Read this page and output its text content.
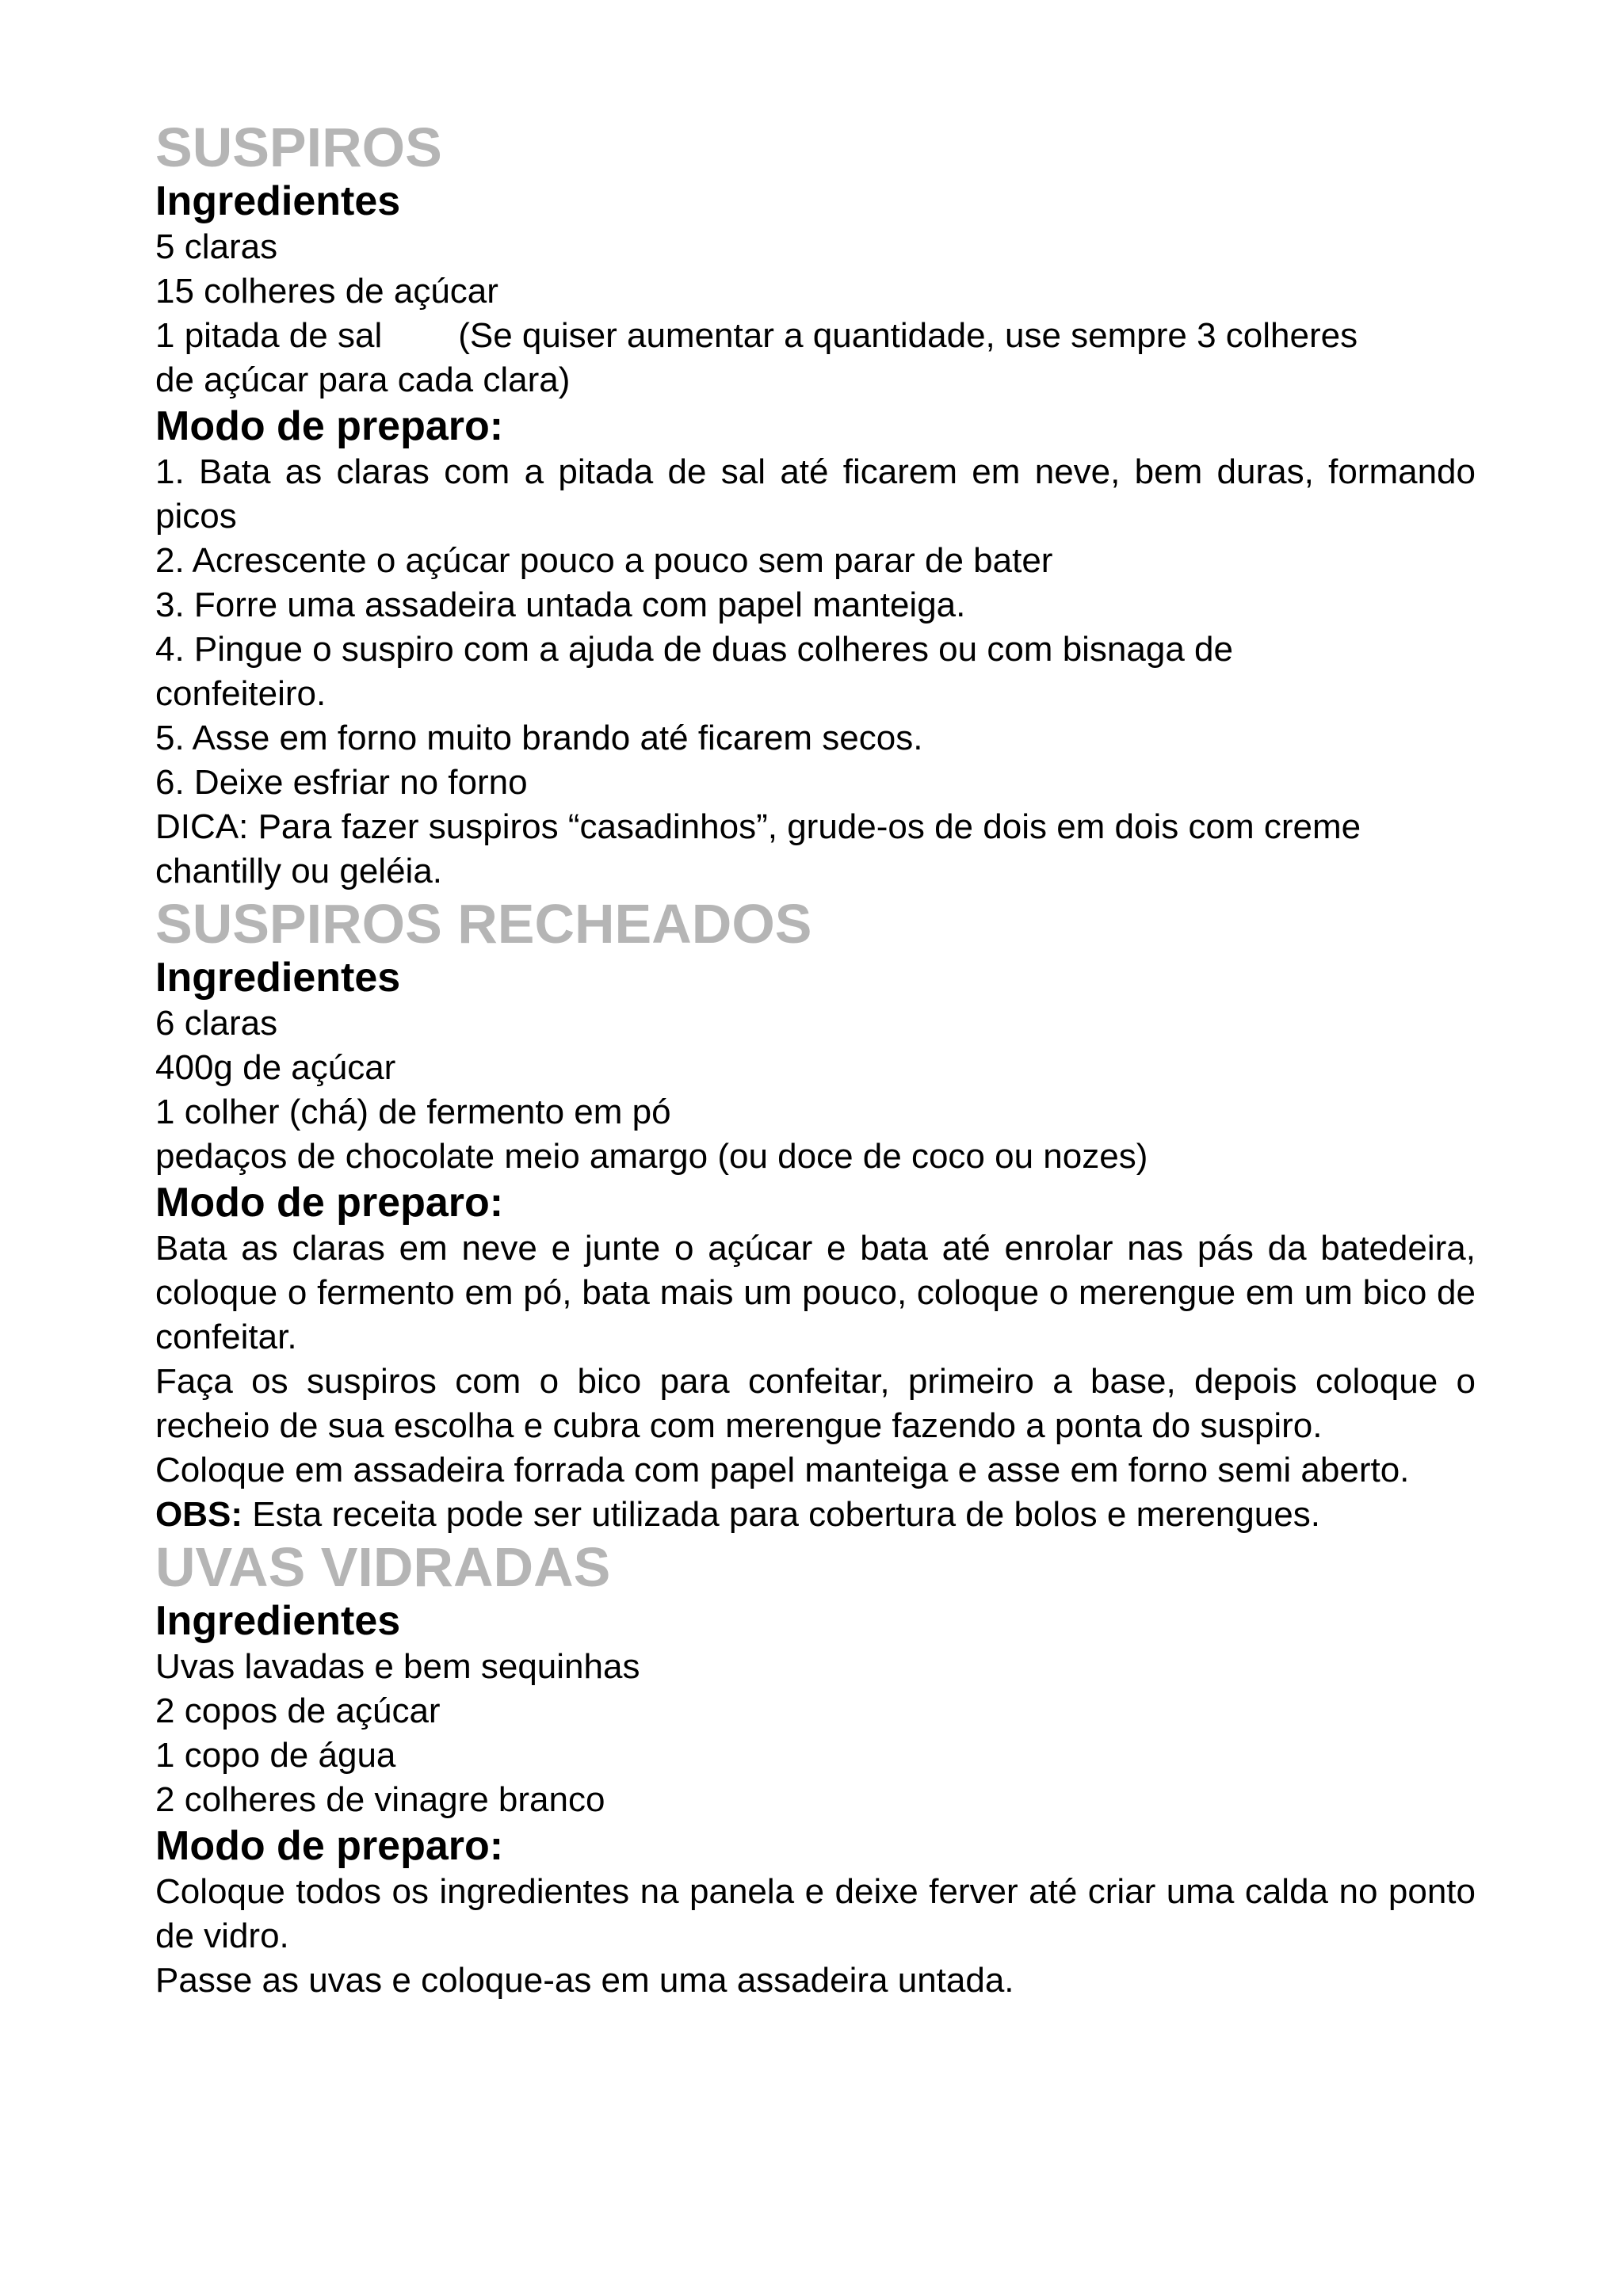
SUSPIROS
Ingredientes

5 claras

15 colheres de açúcar

1 pitada de sal (Se quiser aumentar a quantidade, use sempre 3 colheres

de açúcar para cada clara)

Modo de preparo:

1. Bata as claras com a pitada de sal até ficarem em neve, bem duras, formando picos

2. Acrescente o açúcar pouco a pouco sem parar de bater

3. Forre uma assadeira untada com papel manteiga.

4. Pingue o suspiro com a ajuda de duas colheres ou com bisnaga de confeiteiro.

5. Asse em forno muito brando até ficarem secos.

6. Deixe esfriar no forno

DICA: Para fazer suspiros “casadinhos”, grude-os de dois em dois com creme chantilly ou geléia.

SUSPIROS RECHEADOS
Ingredientes

6 claras

400g de açúcar

1 colher (chá) de fermento em pó

pedaços de chocolate meio amargo (ou doce de coco ou nozes)

Modo de preparo:

Bata as claras em neve e junte o açúcar e bata até enrolar nas pás da batedeira, coloque o fermento em pó, bata mais um pouco, coloque o merengue em um bico de confeitar.

Faça os suspiros com o bico para confeitar, primeiro a base, depois coloque o recheio de sua escolha e cubra com merengue fazendo a ponta do suspiro.

Coloque em assadeira forrada com papel manteiga e asse em forno semi aberto.

OBS: Esta receita pode ser utilizada para cobertura de bolos e merengues.

UVAS VIDRADAS
Ingredientes

Uvas lavadas e bem sequinhas

2 copos de açúcar

1 copo de água

2 colheres de vinagre branco

Modo de preparo:

Coloque todos os ingredientes na panela e deixe ferver até criar uma calda no ponto de vidro.

Passe as uvas e coloque-as em uma assadeira untada.
